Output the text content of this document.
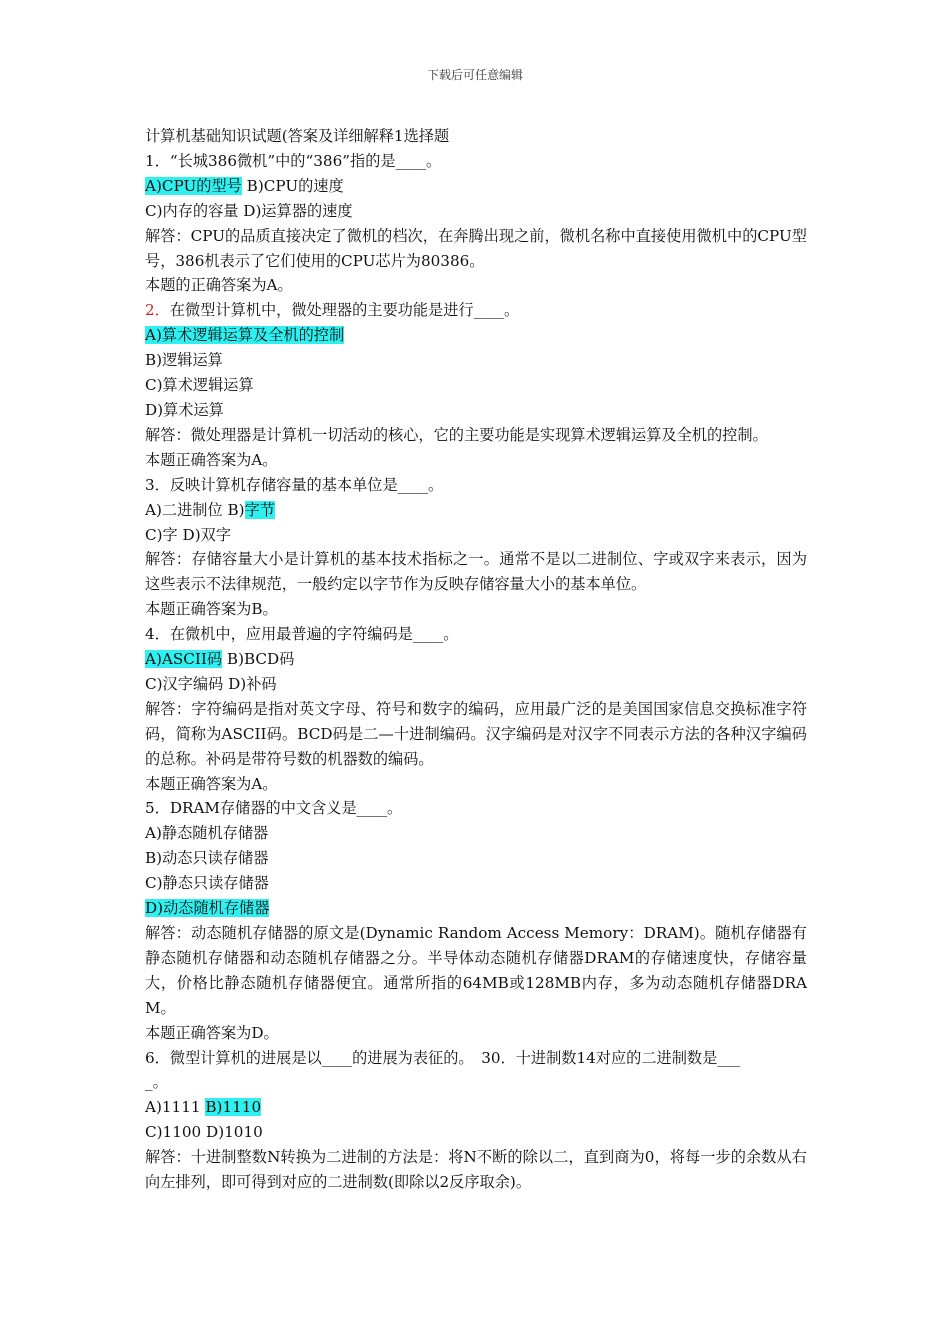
下载后可任意编辑
计算机基础知识试题(答案及详细解释1选择题
1．“长城386微机”中的“386”指的是____。
A)CPU的型号 B)CPU的速度
C)内存的容量 D)运算器的速度
解答：CPU的品质直接决定了微机的档次，在奔腾出现之前，微机名称中直接使用微机中的CPU型号，386机表示了它们使用的CPU芯片为80386。
本题的正确答案为A。
2．在微型计算机中，微处理器的主要功能是进行____。
A)算术逻辑运算及全机的控制
B)逻辑运算
C)算术逻辑运算
D)算术运算
解答：微处理器是计算机一切活动的核心，它的主要功能是实现算术逻辑运算及全机的控制。
本题正确答案为A。
3．反映计算机存储容量的基本单位是____。
A)二进制位 B)字节
C)字 D)双字
解答：存储容量大小是计算机的基本技术指标之一。通常不是以二进制位、字或双字来表示，因为这些表示不法律规范，一般约定以字节作为反映存储容量大小的基本单位。
本题正确答案为B。
4．在微机中，应用最普遍的字符编码是____。
A)ASCII码 B)BCD码
C)汉字编码 D)补码
解答：字符编码是指对英文字母、符号和数字的编码，应用最广泛的是美国国家信息交换标准字符码，简称为ASCII码。BCD码是二—十进制编码。汉字编码是对汉字不同表示方法的各种汉字编码的总称。补码是带符号数的机器数的编码。
本题正确答案为A。
5．DRAM存储器的中文含义是____。
A)静态随机存储器
B)动态只读存储器
C)静态只读存储器
D)动态随机存储器
解答：动态随机存储器的原文是(Dynamic Random Access Memory：DRAM)。随机存储器有静态随机存储器和动态随机存储器之分。半导体动态随机存储器DRAM的存储速度快，存储容量大，价格比静态随机存储器便宜。通常所指的64MB或128MB内存，多为动态随机存储器DRAM。
本题正确答案为D。
6．微型计算机的进展是以____的进展为表征的。　30．十进制数14对应的二进制数是___
_。
A)1111 B)1110
C)1100 D)1010
解答：十进制整数N转换为二进制的方法是：将N不断的除以二，直到商为0，将每一步的余数从右向左排列，即可得到对应的二进制数(即除以2反序取余)。
